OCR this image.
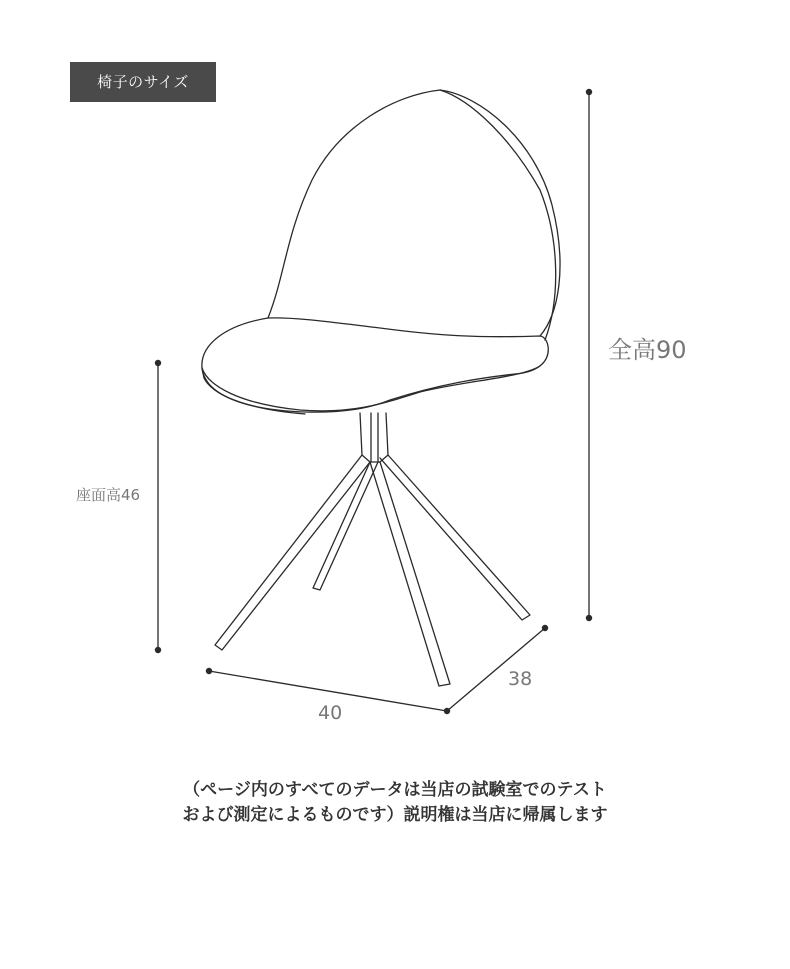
椅子のサイズ
全高90
座面高46
40
38
（ページ内のすべてのデータは当店の試験室でのテスト
および測定によるものです）説明権は当店に帰属します
